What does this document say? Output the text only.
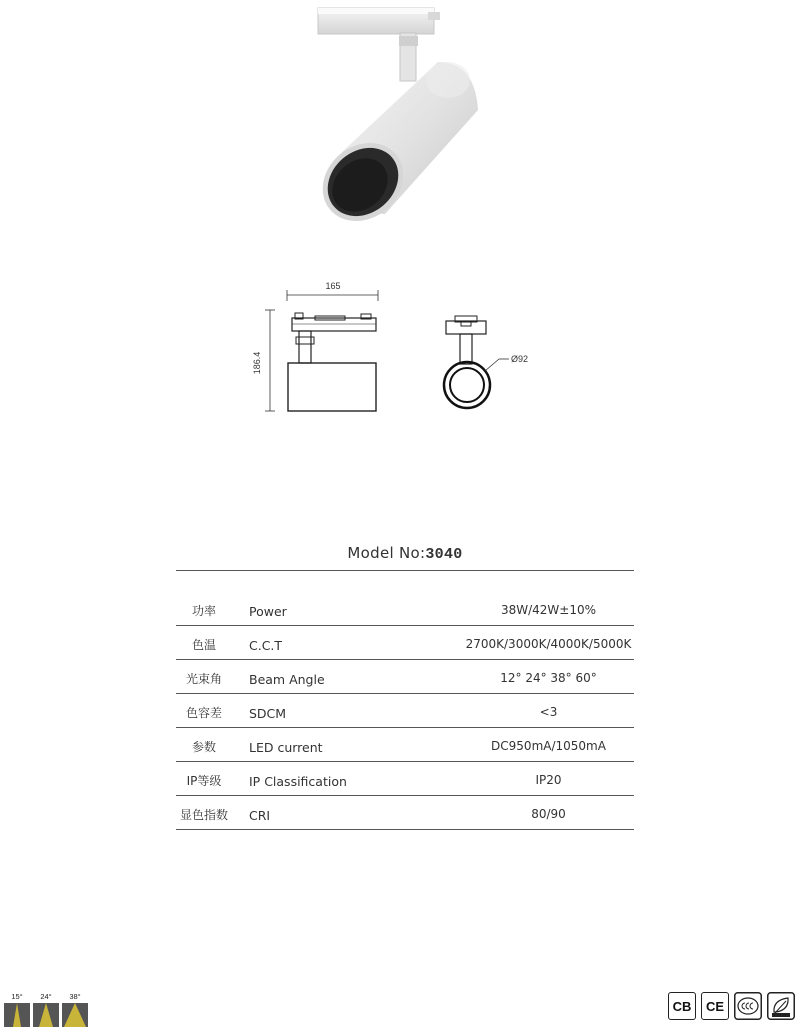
165
186.4	Ø92
Model No:3040
功率	Power	38W/42W±10%
色温	C.C.T	2700K/3000K/4000K/5000K
光束角	Beam Angle	12° 24° 38° 60°
色容差	SDCM	<3
参数	LED current	DC950mA/1050mA
IP等级	IP Classification	IP20
显色指数	CRI	80/90
15°	24°	38°
CB	CE
